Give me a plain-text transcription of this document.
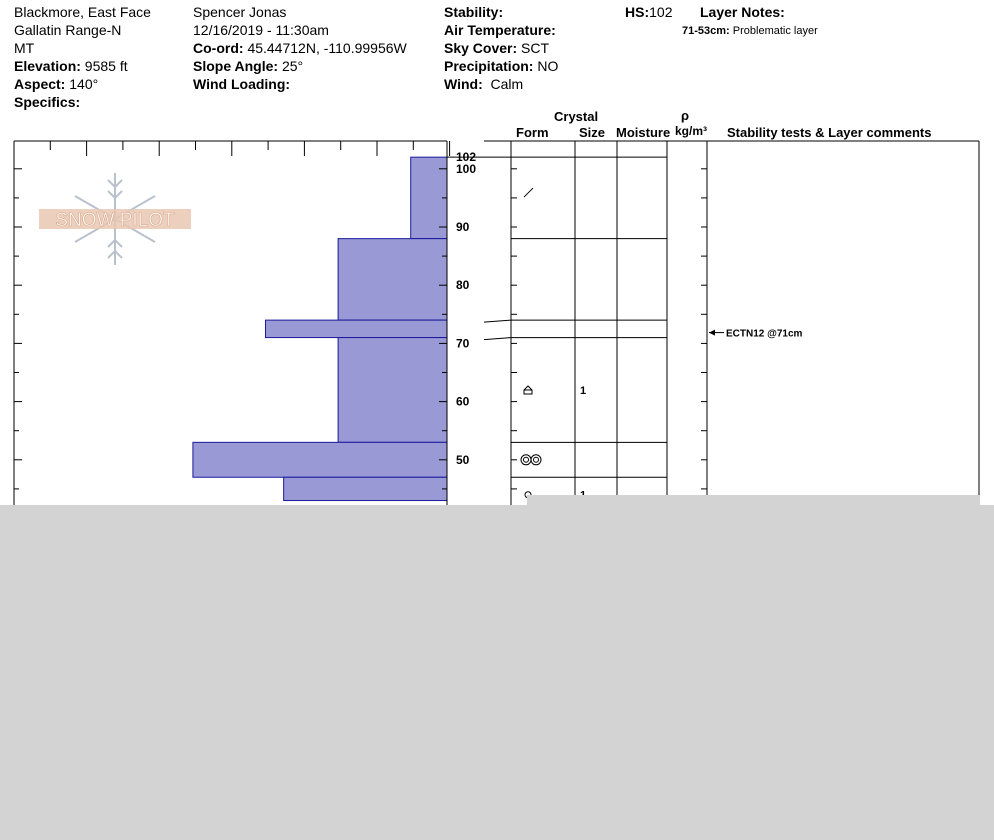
Blackmore, East Face
Gallatin Range-N
MT
Elevation: 9585 ft
Aspect: 140°
Specifics:
Spencer Jonas
12/16/2019 - 11:30am
Co-ord: 45.44712N, -110.99956W
Slope Angle: 25°
Wind Loading:
Stability:
Air Temperature:
Sky Cover: SCT
Precipitation: NO
Wind: Calm
HS:102 Layer Notes:
71-53cm: Problematic layer
Crystal
Form Size Moisture
ρ
kg/m³ Stability tests & Layer comments
SNOW PILOT
100
90
80
70
60
50
102
1
ECTN12 @71cm
